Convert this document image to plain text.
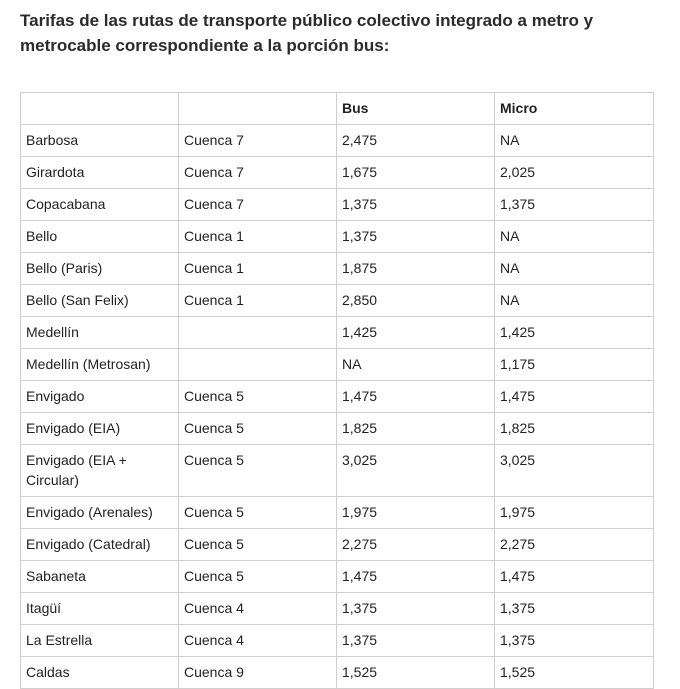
Tarifas de las rutas de transporte público colectivo integrado a metro y metrocable correspondiente a la porción bus:
		Bus	Micro
Barbosa	Cuenca 7	2,475	NA
Girardota	Cuenca 7	1,675	2,025
Copacabana	Cuenca 7	1,375	1,375
Bello	Cuenca 1	1,375	NA
Bello (Paris)	Cuenca 1	1,875	NA
Bello (San Felix)	Cuenca 1	2,850	NA
Medellín		1,425	1,425
Medellín (Metrosan)		NA	1,175
Envigado	Cuenca 5	1,475	1,475
Envigado (EIA)	Cuenca 5	1,825	1,825
Envigado (EIA + Circular)	Cuenca 5	3,025	3,025
Envigado (Arenales)	Cuenca 5	1,975	1,975
Envigado (Catedral)	Cuenca 5	2,275	2,275
Sabaneta	Cuenca 5	1,475	1,475
Itagüí	Cuenca 4	1,375	1,375
La Estrella	Cuenca 4	1,375	1,375
Caldas	Cuenca 9	1,525	1,525
